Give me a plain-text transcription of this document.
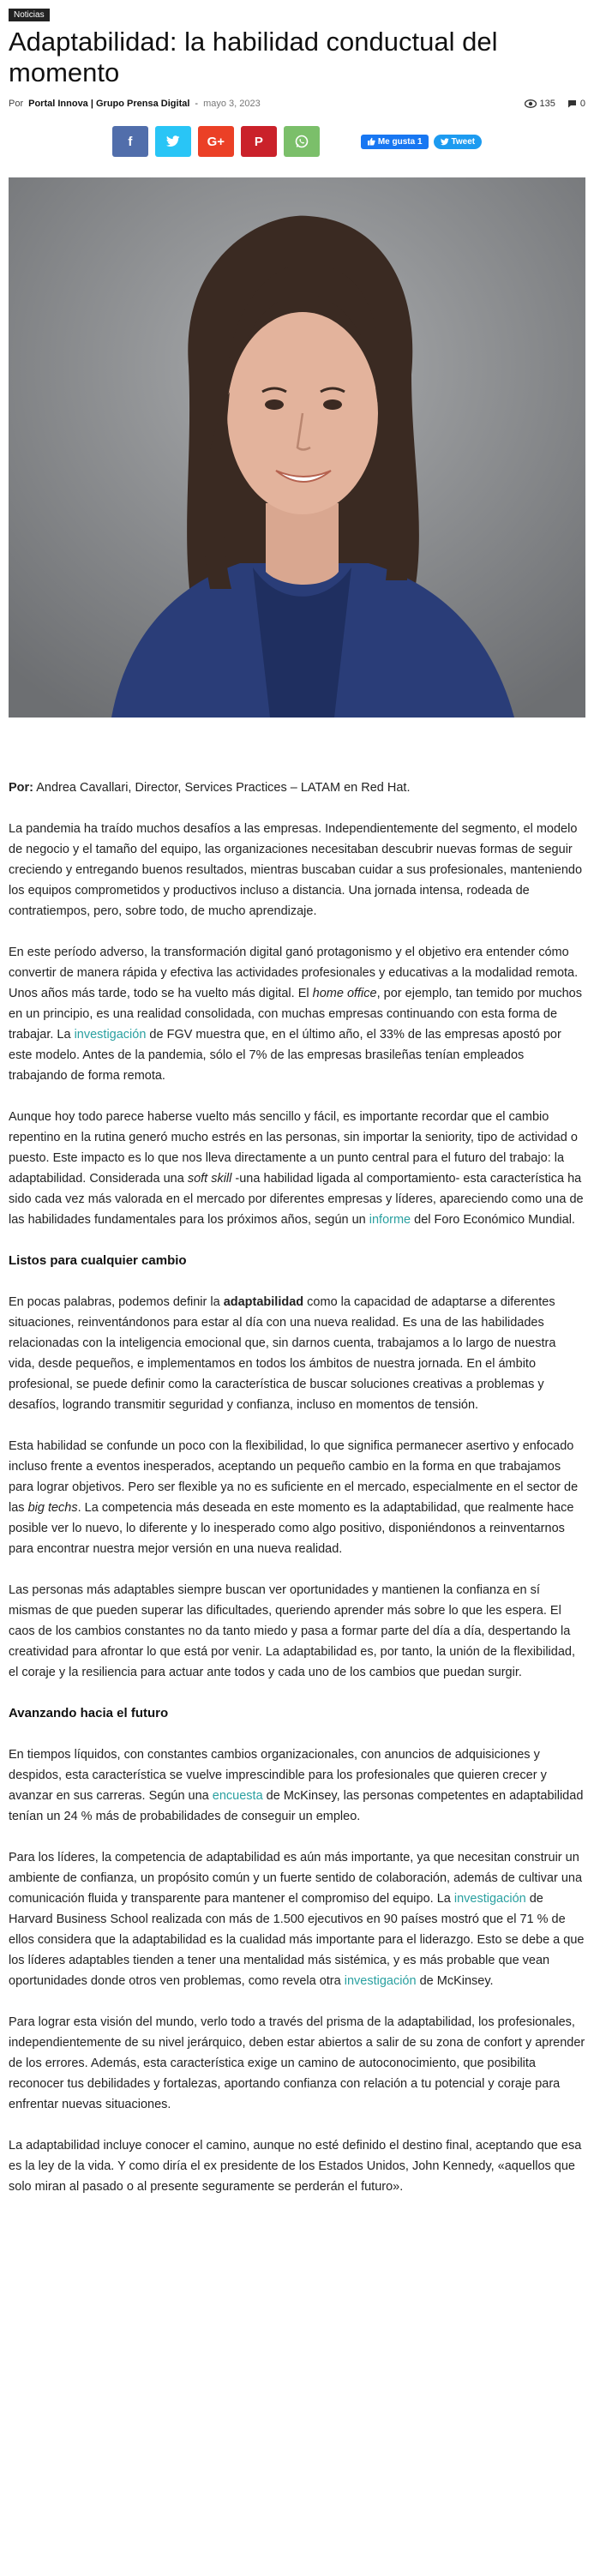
Noticias
Adaptabilidad: la habilidad conductual del momento
Por Portal Innova | Grupo Prensa Digital - mayo 3, 2023	135	0
f	G+ P	Me gusta 1	Tweet

Por: Andrea Cavallari, Director, Services Practices – LATAM en Red Hat.

La pandemia ha traído muchos desafíos a las empresas. Independientemente del segmento, el modelo de negocio y el tamaño del equipo, las organizaciones necesitaban descubrir nuevas formas de seguir creciendo y entregando buenos resultados, mientras buscaban cuidar a sus profesionales, manteniendo los equipos comprometidos y productivos incluso a distancia. Una jornada intensa, rodeada de contratiempos, pero, sobre todo, de mucho aprendizaje.

En este período adverso, la transformación digital ganó protagonismo y el objetivo era entender cómo convertir de manera rápida y efectiva las actividades profesionales y educativas a la modalidad remota. Unos años más tarde, todo se ha vuelto más digital. El home office, por ejemplo, tan temido por muchos en un principio, es una realidad consolidada, con muchas empresas continuando con esta forma de trabajar. La investigación de FGV muestra que, en el último año, el 33% de las empresas apostó por este modelo. Antes de la pandemia, sólo el 7% de las empresas brasileñas tenían empleados trabajando de forma remota.

Aunque hoy todo parece haberse vuelto más sencillo y fácil, es importante recordar que el cambio repentino en la rutina generó mucho estrés en las personas, sin importar la seniority, tipo de actividad o puesto. Este impacto es lo que nos lleva directamente a un punto central para el futuro del trabajo: la adaptabilidad. Considerada una soft skill -una habilidad ligada al comportamiento- esta característica ha sido cada vez más valorada en el mercado por diferentes empresas y líderes, apareciendo como una de las habilidades fundamentales para los próximos años, según un informe del Foro Económico Mundial.

Listos para cualquier cambio

En pocas palabras, podemos definir la adaptabilidad como la capacidad de adaptarse a diferentes situaciones, reinventándonos para estar al día con una nueva realidad. Es una de las habilidades relacionadas con la inteligencia emocional que, sin darnos cuenta, trabajamos a lo largo de nuestra vida, desde pequeños, e implementamos en todos los ámbitos de nuestra jornada. En el ámbito profesional, se puede definir como la característica de buscar soluciones creativas a problemas y desafíos, logrando transmitir seguridad y confianza, incluso en momentos de tensión.

Esta habilidad se confunde un poco con la flexibilidad, lo que significa permanecer asertivo y enfocado incluso frente a eventos inesperados, aceptando un pequeño cambio en la forma en que trabajamos para lograr objetivos. Pero ser flexible ya no es suficiente en el mercado, especialmente en el sector de las big techs. La competencia más deseada en este momento es la adaptabilidad, que realmente hace posible ver lo nuevo, lo diferente y lo inesperado como algo positivo, disponiéndonos a reinventarnos para encontrar nuestra mejor versión en una nueva realidad.

Las personas más adaptables siempre buscan ver oportunidades y mantienen la confianza en sí mismas de que pueden superar las dificultades, queriendo aprender más sobre lo que les espera. El caos de los cambios constantes no da tanto miedo y pasa a formar parte del día a día, despertando la creatividad para afrontar lo que está por venir. La adaptabilidad es, por tanto, la unión de la flexibilidad, el coraje y la resiliencia para actuar ante todos y cada uno de los cambios que puedan surgir.

Avanzando hacia el futuro

En tiempos líquidos, con constantes cambios organizacionales, con anuncios de adquisiciones y despidos, esta característica se vuelve imprescindible para los profesionales que quieren crecer y avanzar en sus carreras. Según una encuesta de McKinsey, las personas competentes en adaptabilidad tenían un 24 % más de probabilidades de conseguir un empleo.

Para los líderes, la competencia de adaptabilidad es aún más importante, ya que necesitan construir un ambiente de confianza, un propósito común y un fuerte sentido de colaboración, además de cultivar una comunicación fluida y transparente para mantener el compromiso del equipo. La investigación de Harvard Business School realizada con más de 1.500 ejecutivos en 90 países mostró que el 71 % de ellos considera que la adaptabilidad es la cualidad más importante para el liderazgo. Esto se debe a que los líderes adaptables tienden a tener una mentalidad más sistémica, y es más probable que vean oportunidades donde otros ven problemas, como revela otra investigación de McKinsey.

Para lograr esta visión del mundo, verlo todo a través del prisma de la adaptabilidad, los profesionales, independientemente de su nivel jerárquico, deben estar abiertos a salir de su zona de confort y aprender de los errores. Además, esta característica exige un camino de autoconocimiento, que posibilita reconocer tus debilidades y fortalezas, aportando confianza con relación a tu potencial y coraje para enfrentar nuevas situaciones.

La adaptabilidad incluye conocer el camino, aunque no esté definido el destino final, aceptando que esa es la ley de la vida. Y como diría el ex presidente de los Estados Unidos, John Kennedy, «aquellos que solo miran al pasado o al presente seguramente se perderán el futuro».
